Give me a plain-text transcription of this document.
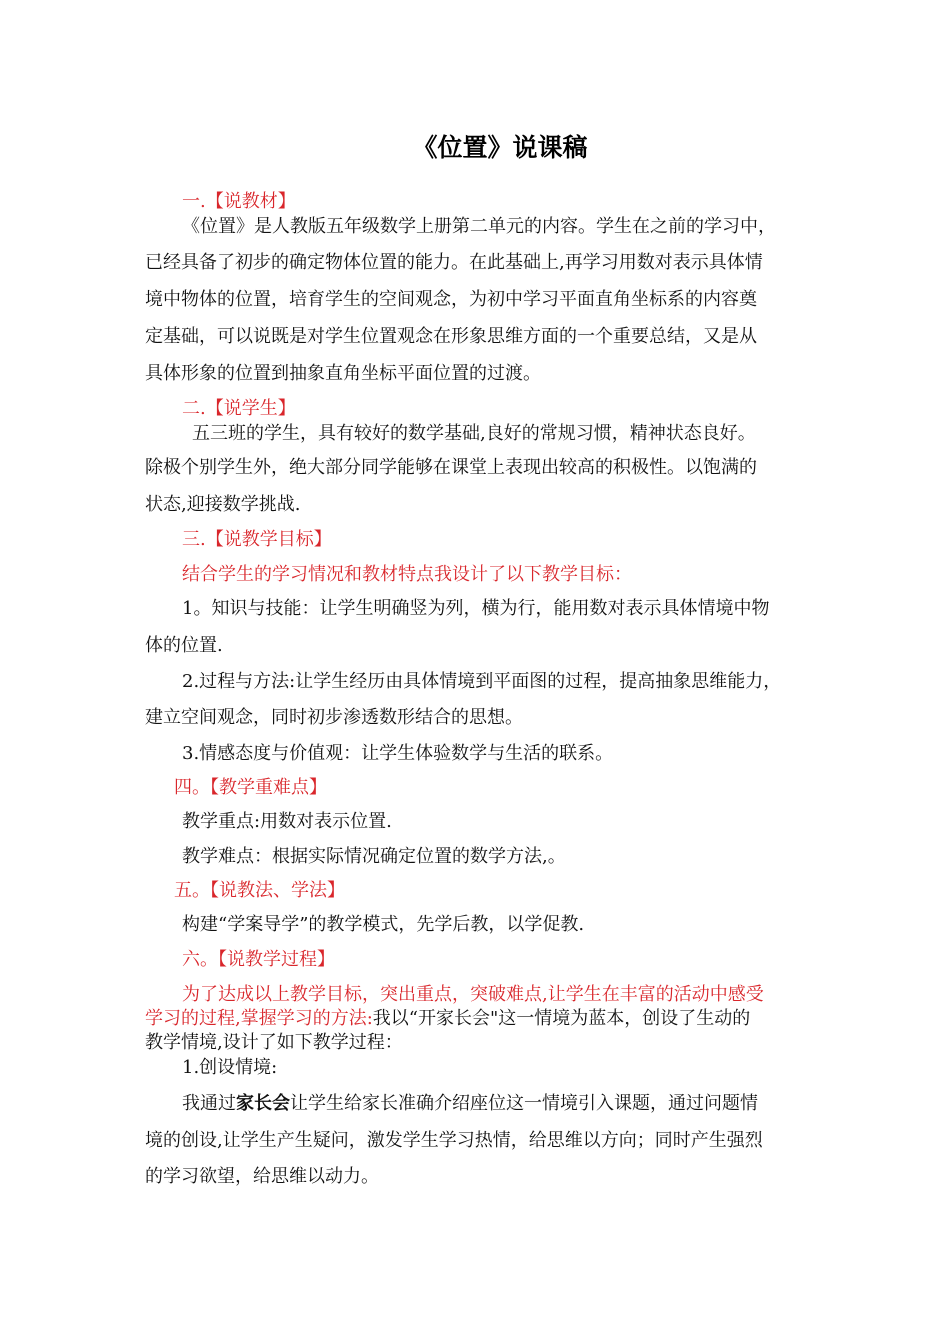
《位置》说课稿
一.【说教材】
《位置》是人教版五年级数学上册第二单元的内容。学生在之前的学习中，
已经具备了初步的确定物体位置的能力。在此基础上,再学习用数对表示具体情
境中物体的位置，培育学生的空间观念，为初中学习平面直角坐标系的内容奠
定基础，可以说既是对学生位置观念在形象思维方面的一个重要总结，又是从
具体形象的位置到抽象直角坐标平面位置的过渡。
二.【说学生】
五三班的学生，具有较好的数学基础,良好的常规习惯，精神状态良好。
除极个别学生外，绝大部分同学能够在课堂上表现出较高的积极性。以饱满的
状态,迎接数学挑战.
三.【说教学目标】
结合学生的学习情况和教材特点我设计了以下教学目标：
1。知识与技能：让学生明确竖为列，横为行，能用数对表示具体情境中物
体的位置.
2.过程与方法:让学生经历由具体情境到平面图的过程，提高抽象思维能力，
建立空间观念，同时初步渗透数形结合的思想。
3.情感态度与价值观：让学生体验数学与生活的联系。
四。【教学重难点】
教学重点:用数对表示位置.
教学难点：根据实际情况确定位置的数学方法,。
五。【说教法、学法】
构建“学案导学”的教学模式，先学后教，以学促教.
六。【说教学过程】
为了达成以上教学目标，突出重点，突破难点,让学生在丰富的活动中感受
学习的过程,掌握学习的方法:我以“开家长会"这一情境为蓝本，创设了生动的
教学情境,设计了如下教学过程：
1.创设情境:
我通过家长会让学生给家长准确介绍座位这一情境引入课题，通过问题情
境的创设,让学生产生疑问，激发学生学习热情，给思维以方向；同时产生强烈
的学习欲望，给思维以动力。
